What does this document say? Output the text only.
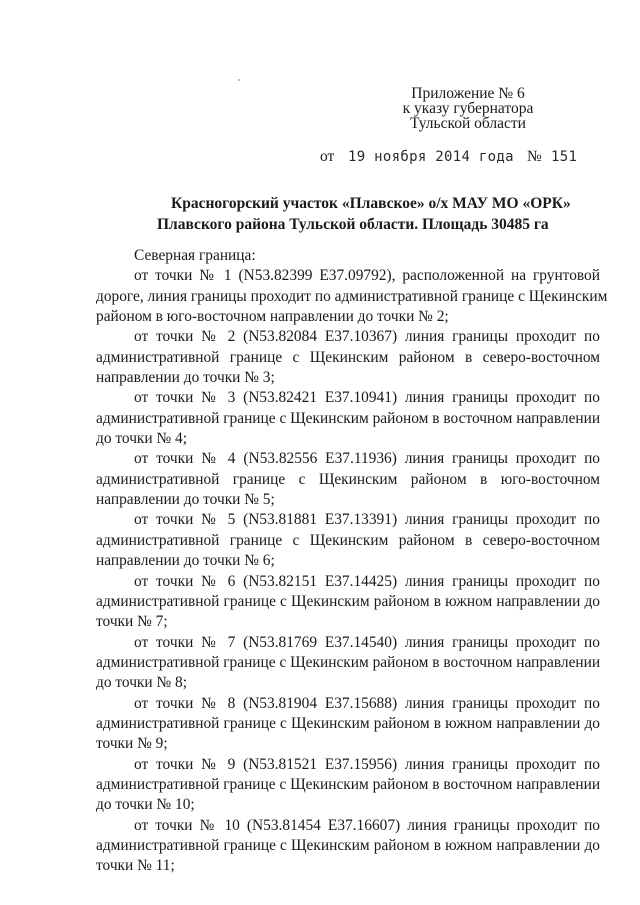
Приложение № 6
к указу губернатора
Тульской области
от 19 ноября 2014 года № 151
Красногорский участок «Плавское» о/х МАУ МО «ОРК»
Плавского района Тульской области. Площадь 30485 га
Северная граница:
от точки № 1 (N53.82399 E37.09792), расположенной на грунтовой
дороге, линия границы проходит по административной границе с Щекинским
районом в юго-восточном направлении до точки № 2;
от точки № 2 (N53.82084 E37.10367) линия границы проходит по
административной границе с Щекинским районом в северо-восточном
направлении до точки № 3;
от точки № 3 (N53.82421 E37.10941) линия границы проходит по
административной границе с Щекинским районом в восточном направлении
до точки № 4;
от точки № 4 (N53.82556 E37.11936) линия границы проходит по
административной границе с Щекинским районом в юго-восточном
направлении до точки № 5;
от точки № 5 (N53.81881 E37.13391) линия границы проходит по
административной границе с Щекинским районом в северо-восточном
направлении до точки № 6;
от точки № 6 (N53.82151 E37.14425) линия границы проходит по
административной границе с Щекинским районом в южном направлении до
точки № 7;
от точки № 7 (N53.81769 E37.14540) линия границы проходит по
административной границе с Щекинским районом в восточном направлении
до точки № 8;
от точки № 8 (N53.81904 E37.15688) линия границы проходит по
административной границе с Щекинским районом в южном направлении до
точки № 9;
от точки № 9 (N53.81521 E37.15956) линия границы проходит по
административной границе с Щекинским районом в восточном направлении
до точки № 10;
от точки № 10 (N53.81454 E37.16607) линия границы проходит по
административной границе с Щекинским районом в южном направлении до
точки № 11;
